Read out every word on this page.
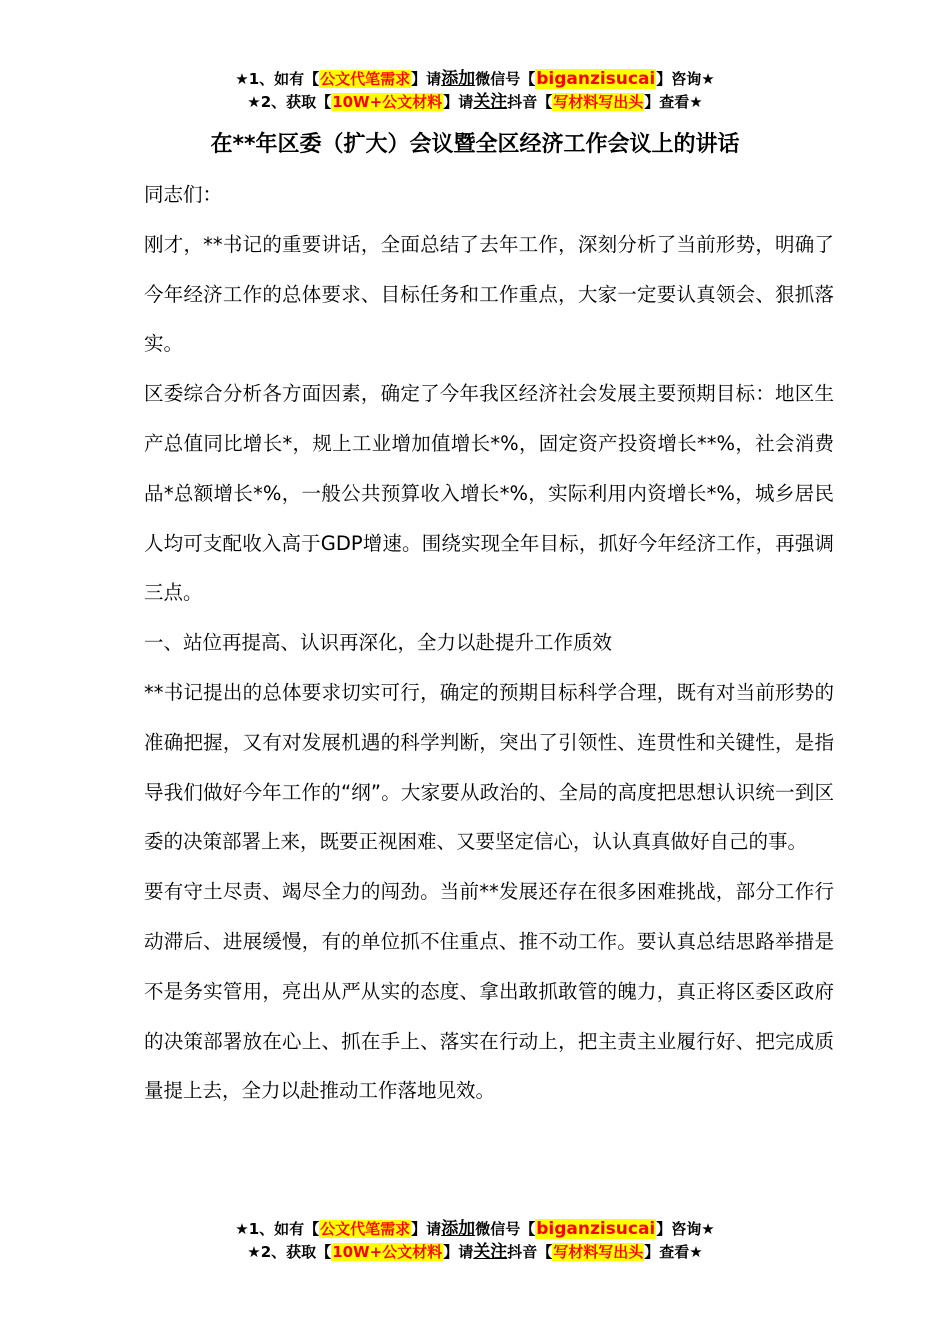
★1、如有【公文代笔需求】请添加微信号【biganzisucai】咨询★
★2、获取【10W+公文材料】请关注抖音【写材料写出头】查看★
在**年区委（扩大）会议暨全区经济工作会议上的讲话

同志们：

刚才，**书记的重要讲话，全面总结了去年工作，深刻分析了当前形势，明确了今年经济工作的总体要求、目标任务和工作重点，大家一定要认真领会、狠抓落实。

区委综合分析各方面因素，确定了今年我区经济社会发展主要预期目标：地区生产总值同比增长*，规上工业增加值增长*%，固定资产投资增长**%，社会消费品*总额增长*%，一般公共预算收入增长*%，实际利用内资增长*%，城乡居民人均可支配收入高于GDP增速。围绕实现全年目标，抓好今年经济工作，再强调三点。

一、站位再提高、认识再深化，全力以赴提升工作质效

**书记提出的总体要求切实可行，确定的预期目标科学合理，既有对当前形势的准确把握，又有对发展机遇的科学判断，突出了引领性、连贯性和关键性，是指导我们做好今年工作的“纲”。大家要从政治的、全局的高度把思想认识统一到区委的决策部署上来，既要正视困难、又要坚定信心，认认真真做好自己的事。

要有守土尽责、竭尽全力的闯劲。当前**发展还存在很多困难挑战，部分工作行动滞后、进展缓慢，有的单位抓不住重点、推不动工作。要认真总结思路举措是不是务实管用，亮出从严从实的态度、拿出敢抓敢管的魄力，真正将区委区政府的决策部署放在心上、抓在手上、落实在行动上，把主责主业履行好、把完成质量提上去，全力以赴推动工作落地见效。

★1、如有【公文代笔需求】请添加微信号【biganzisucai】咨询★
★2、获取【10W+公文材料】请关注抖音【写材料写出头】查看★
